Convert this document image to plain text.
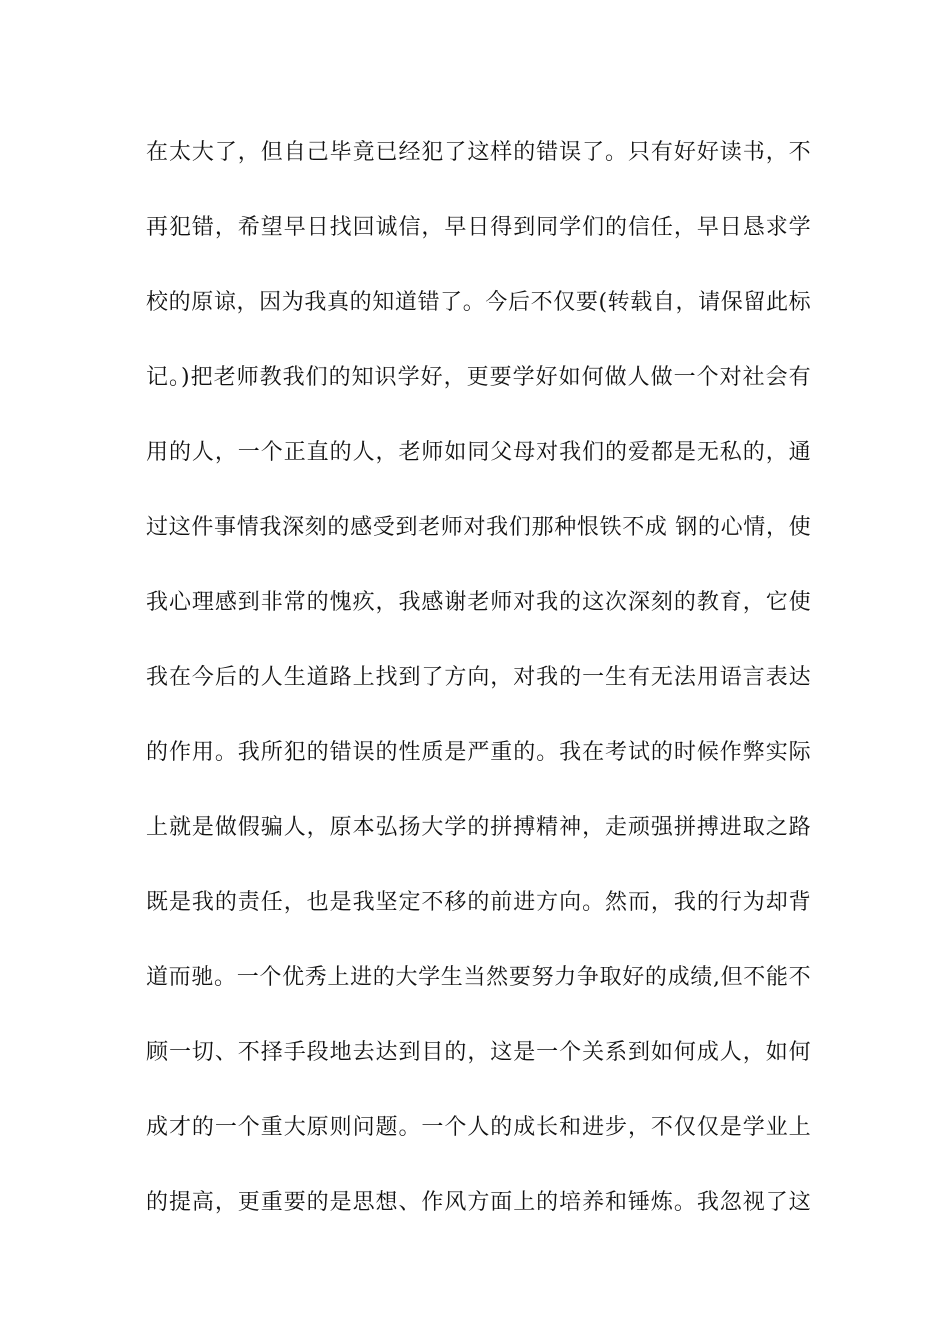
在太大了，但自己毕竟已经犯了这样的错误了。只有好好读书，不
再犯错，希望早日找回诚信，早日得到同学们的信任，早日恳求学
校的原谅，因为我真的知道错了。今后不仅要(转载自，请保留此标
记。)把老师教我们的知识学好，更要学好如何做人做一个对社会有
用的人，一个正直的人，老师如同父母对我们的爱都是无私的，通
过这件事情我深刻的感受到老师对我们那种恨铁不成 钢的心情，使
我心理感到非常的愧疚，我感谢老师对我的这次深刻的教育，它使
我在今后的人生道路上找到了方向，对我的一生有无法用语言表达
的作用。我所犯的错误的性质是严重的。我在考试的时候作弊实际
上就是做假骗人，原本弘扬大学的拼搏精神，走顽强拼搏进取之路
既是我的责任，也是我坚定不移的前进方向。然而，我的行为却背
道而驰。一个优秀上进的大学生当然要努力争取好的成绩,但不能不
顾一切、不择手段地去达到目的，这是一个关系到如何成人，如何
成才的一个重大原则问题。一个人的成长和进步，不仅仅是学业上
的提高，更重要的是思想、作风方面上的培养和锤炼。我忽视了这
